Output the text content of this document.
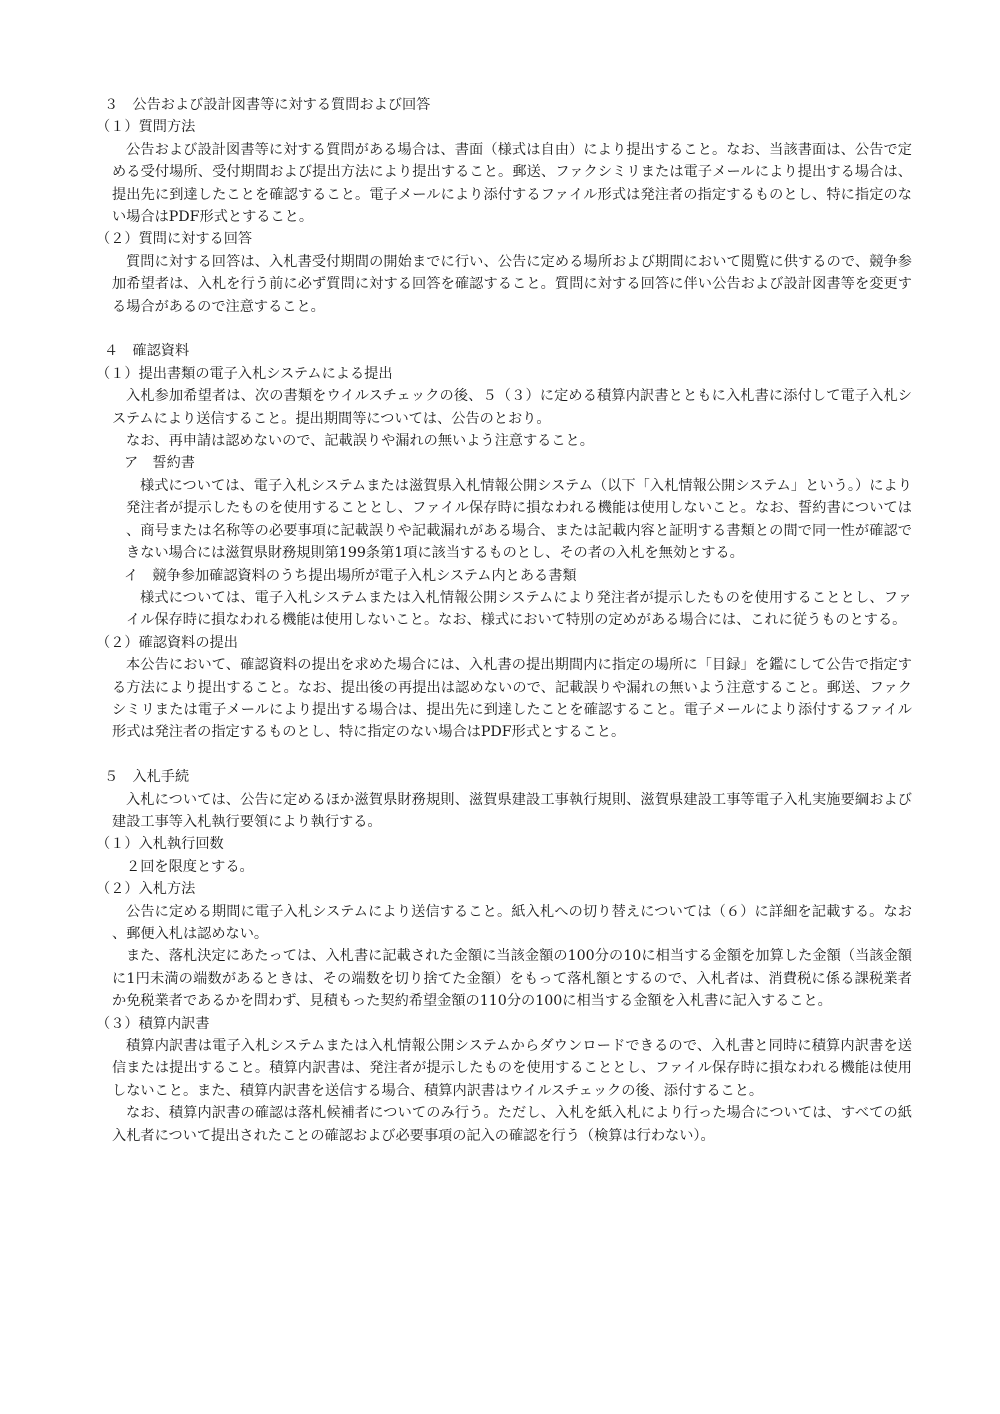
３　公告および設計図書等に対する質問および回答

（１）質問方法

公告および設計図書等に対する質問がある場合は、書面（様式は自由）により提出すること。なお、当該書面は、公告で定める受付場所、受付期間および提出方法により提出すること。郵送、ファクシミリまたは電子メールにより提出する場合は、提出先に到達したことを確認すること。電子メールにより添付するファイル形式は発注者の指定するものとし、特に指定のない場合はPDF形式とすること。

（２）質問に対する回答

質問に対する回答は、入札書受付期間の開始までに行い、公告に定める場所および期間において閲覧に供するので、競争参加希望者は、入札を行う前に必ず質問に対する回答を確認すること。質問に対する回答に伴い公告および設計図書等を変更する場合があるので注意すること。

４　確認資料

（１）提出書類の電子入札システムによる提出

入札参加希望者は、次の書類をウイルスチェックの後、５（３）に定める積算内訳書とともに入札書に添付して電子入札システムにより送信すること。提出期間等については、公告のとおり。

なお、再申請は認めないので、記載誤りや漏れの無いよう注意すること。

ア　誓約書

様式については、電子入札システムまたは滋賀県入札情報公開システム（以下「入札情報公開システム」という。）により発注者が提示したものを使用することとし、ファイル保存時に損なわれる機能は使用しないこと。なお、誓約書については、商号または名称等の必要事項に記載誤りや記載漏れがある場合、または記載内容と証明する書類との間で同一性が確認できない場合には滋賀県財務規則第199条第1項に該当するものとし、その者の入札を無効とする。

イ　競争参加確認資料のうち提出場所が電子入札システム内とある書類

様式については、電子入札システムまたは入札情報公開システムにより発注者が提示したものを使用することとし、ファイル保存時に損なわれる機能は使用しないこと。なお、様式において特別の定めがある場合には、これに従うものとする。

（２）確認資料の提出

本公告において、確認資料の提出を求めた場合には、入札書の提出期間内に指定の場所に「目録」を鑑にして公告で指定する方法により提出すること。なお、提出後の再提出は認めないので、記載誤りや漏れの無いよう注意すること。郵送、ファクシミリまたは電子メールにより提出する場合は、提出先に到達したことを確認すること。電子メールにより添付するファイル形式は発注者の指定するものとし、特に指定のない場合はPDF形式とすること。

５　入札手続

入札については、公告に定めるほか滋賀県財務規則、滋賀県建設工事執行規則、滋賀県建設工事等電子入札実施要綱および建設工事等入札執行要領により執行する。

（１）入札執行回数

２回を限度とする。

（２）入札方法

公告に定める期間に電子入札システムにより送信すること。紙入札への切り替えについては（６）に詳細を記載する。なお、郵便入札は認めない。

また、落札決定にあたっては、入札書に記載された金額に当該金額の100分の10に相当する金額を加算した金額（当該金額に1円未満の端数があるときは、その端数を切り捨てた金額）をもって落札額とするので、入札者は、消費税に係る課税業者か免税業者であるかを問わず、見積もった契約希望金額の110分の100に相当する金額を入札書に記入すること。

（３）積算内訳書

積算内訳書は電子入札システムまたは入札情報公開システムからダウンロードできるので、入札書と同時に積算内訳書を送信または提出すること。積算内訳書は、発注者が提示したものを使用することとし、ファイル保存時に損なわれる機能は使用しないこと。また、積算内訳書を送信する場合、積算内訳書はウイルスチェックの後、添付すること。

なお、積算内訳書の確認は落札候補者についてのみ行う。ただし、入札を紙入札により行った場合については、すべての紙入札者について提出されたことの確認および必要事項の記入の確認を行う（検算は行わない）。
